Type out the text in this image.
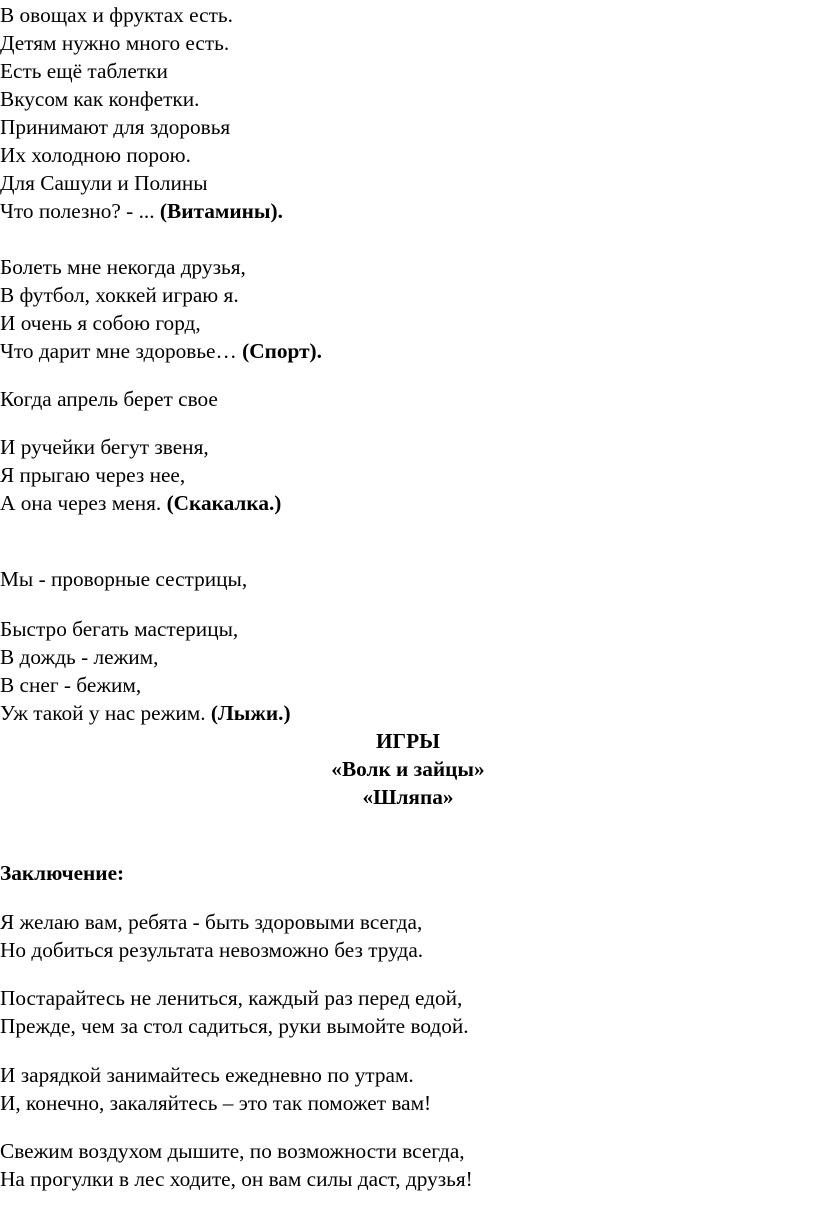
В овощах и фруктах есть.
Детям нужно много есть.
Есть ещё таблетки
Вкусом как конфетки.
Принимают для здоровья
Их холодною порою.
Для Сашули и Полины
Что полезно? - ... (Витамины).
Болеть мне некогда друзья,
В футбол, хоккей играю я.
И очень я собою горд,
Что дарит мне здоровье… (Спорт).
Когда апрель берет свое
И ручейки бегут звеня,
Я прыгаю через нее,
А она через меня. (Скакалка.)
Мы - проворные сестрицы,
Быстро бегать мастерицы,
В дождь - лежим,
В снег - бежим,
Уж такой у нас режим. (Лыжи.)
ИГРЫ
«Волк и зайцы»
«Шляпа»
Заключение:
Я желаю вам, ребята - быть здоровыми всегда,
Но добиться результата невозможно без труда.
Постарайтесь не лениться, каждый раз перед едой,
Прежде, чем за стол садиться, руки вымойте водой.
И зарядкой занимайтесь ежедневно по утрам.
И, конечно, закаляйтесь – это так поможет вам!
Свежим воздухом дышите, по возможности всегда,
На прогулки в лес ходите, он вам силы даст, друзья!
